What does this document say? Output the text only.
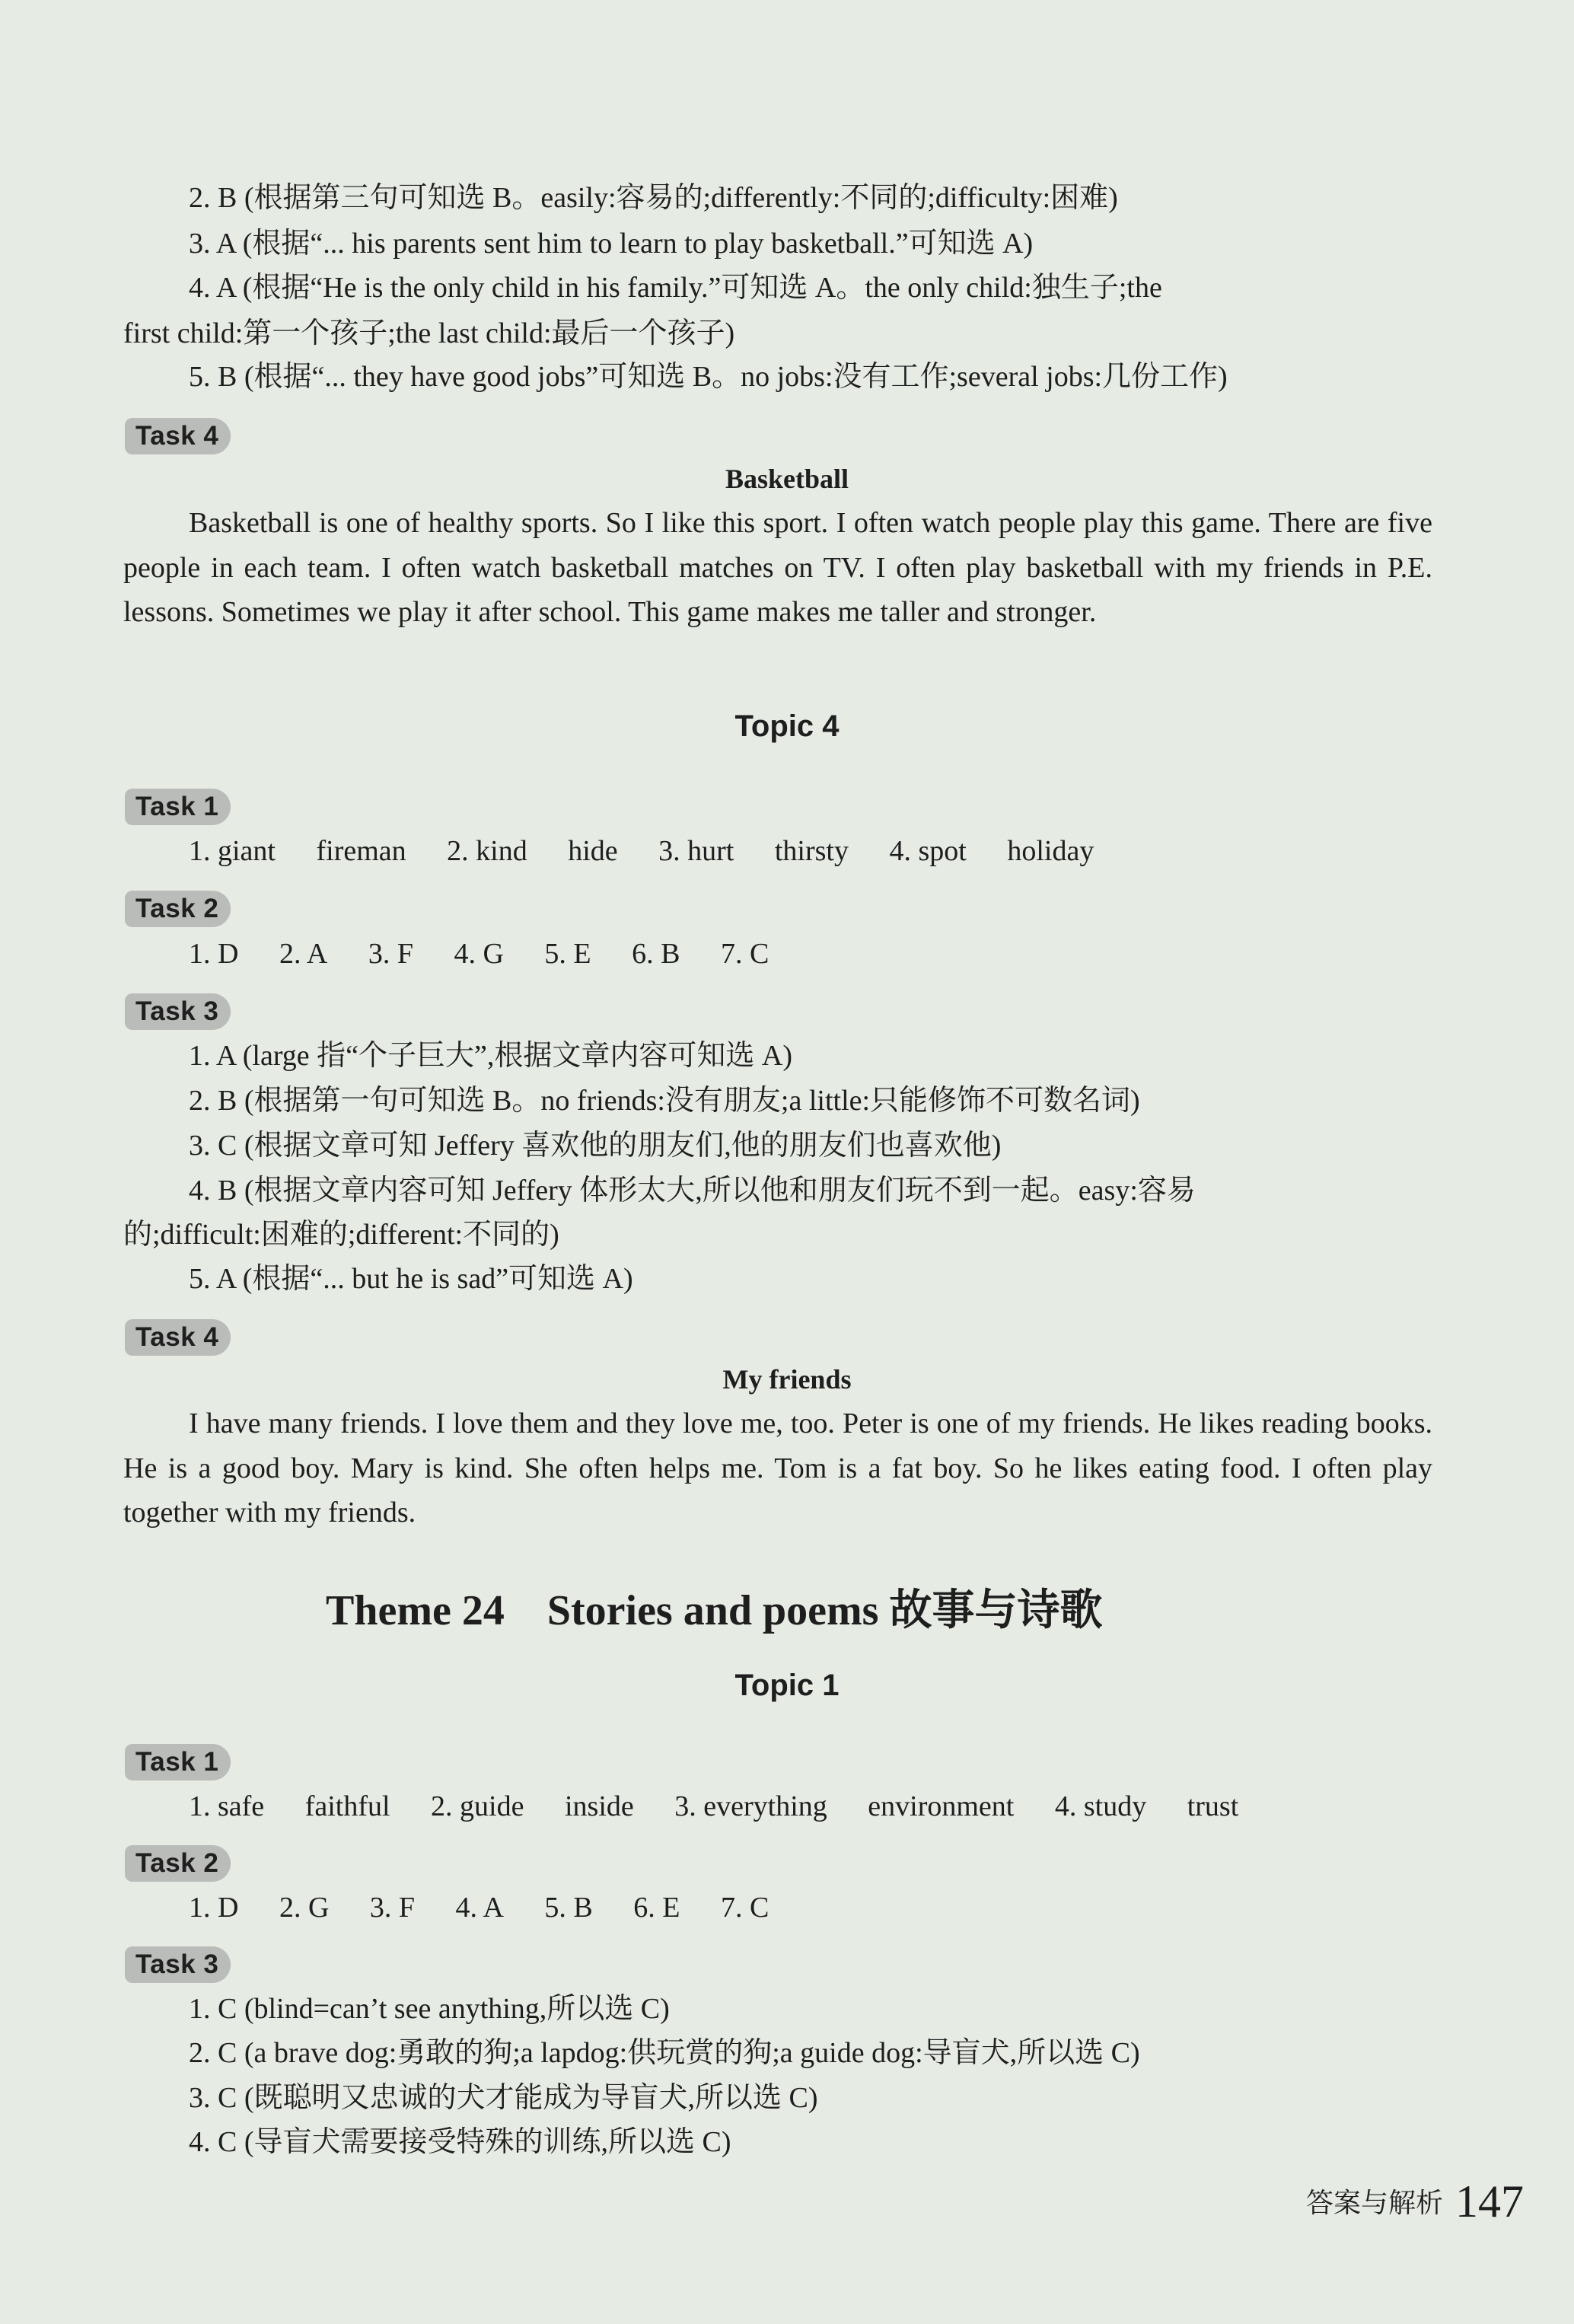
2. B (根据第三句可知选 B。easily:容易的;differently:不同的;difficulty:困难)
3. A (根据“... his parents sent him to learn to play basketball.”可知选 A)
4. A (根据“He is the only child in his family.”可知选 A。the only child:独生子;the
first child:第一个孩子;the last child:最后一个孩子)
5. B (根据“... they have good jobs”可知选 B。no jobs:没有工作;several jobs:几份工作)
Task 4
Basketball
Basketball is one of healthy sports. So I like this sport. I often watch people play this game. There are five people in each team. I often watch basketball matches on TV. I often play basketball with my friends in P.E. lessons. Sometimes we play it after school. This game makes me taller and stronger.
Topic 4
Task 1
1. giant fireman 2. kind hide 3. hurt thirsty 4. spot holiday
Task 2
1. D 2. A 3. F 4. G 5. E 6. B 7. C
Task 3
1. A (large 指“个子巨大”,根据文章内容可知选 A)
2. B (根据第一句可知选 B。no friends:没有朋友;a little:只能修饰不可数名词)
3. C (根据文章可知 Jeffery 喜欢他的朋友们,他的朋友们也喜欢他)
4. B (根据文章内容可知 Jeffery 体形太大,所以他和朋友们玩不到一起。easy:容易
的;difficult:困难的;different:不同的)
5. A (根据“... but he is sad”可知选 A)
Task 4
My friends
I have many friends. I love them and they love me, too. Peter is one of my friends. He likes reading books. He is a good boy. Mary is kind. She often helps me. Tom is a fat boy. So he likes eating food. I often play together with my friends.
Theme 24    Stories and poems 故事与诗歌
Topic 1
Task 1
1. safe faithful 2. guide inside 3. everything environment 4. study trust
Task 2
1. D 2. G 3. F 4. A 5. B 6. E 7. C
Task 3
1. C (blind=can’t see anything,所以选 C)
2. C (a brave dog:勇敢的狗;a lapdog:供玩赏的狗;a guide dog:导盲犬,所以选 C)
3. C (既聪明又忠诚的犬才能成为导盲犬,所以选 C)
4. C (导盲犬需要接受特殊的训练,所以选 C)
答案与解析 147
